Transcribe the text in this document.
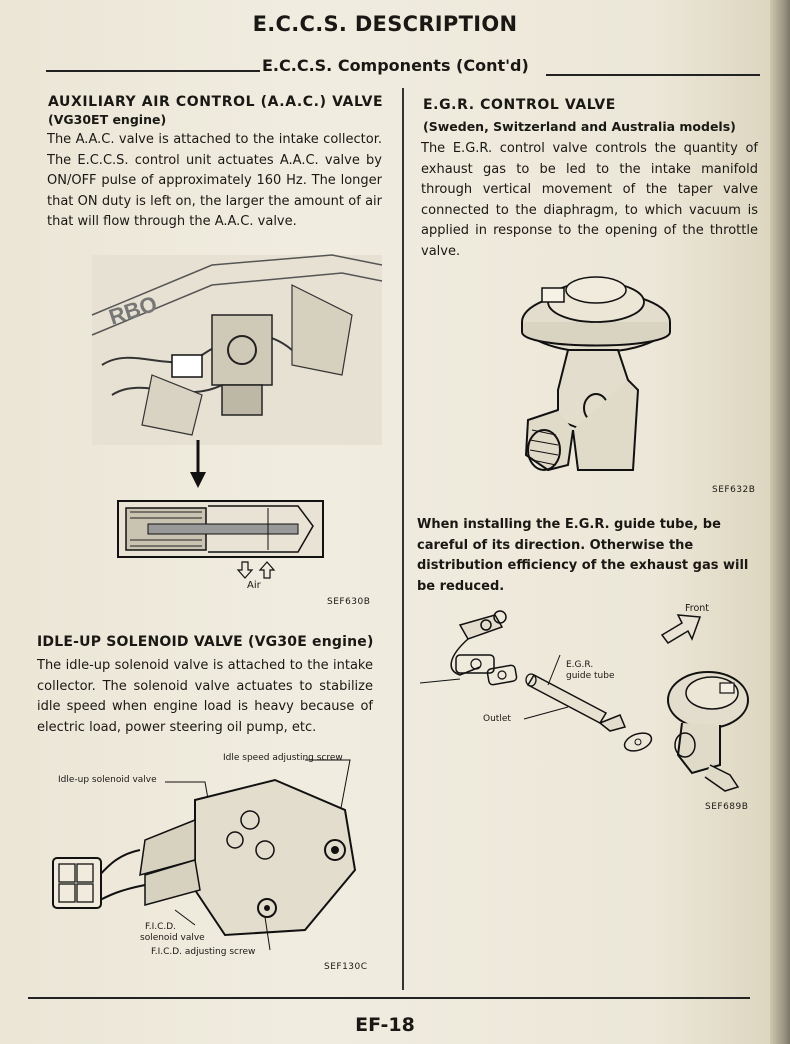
E.C.C.S. DESCRIPTION
E.C.C.S. Components (Cont'd)
AUXILIARY AIR CONTROL (A.A.C.) VALVE
(VG30ET engine)

The A.A.C. valve is attached to the intake collector. The E.C.C.S. control unit actuates A.A.C. valve by ON/OFF pulse of approximately 160 Hz. The longer that ON duty is left on, the larger the amount of air that will flow through the A.A.C. valve.

RBO
Air
SEF630B
IDLE-UP SOLENOID VALVE (VG30E engine)

The idle-up solenoid valve is attached to the intake collector. The solenoid valve actuates to stabilize idle speed when engine load is heavy because of electric load, power steering oil pump, etc.

Idle speed adjusting screw
Idle-up solenoid valve
F.I.C.D.
solenoid valve
F.I.C.D. adjusting screw
SEF130C
E.G.R. CONTROL VALVE
(Sweden, Switzerland and Australia models)

The E.G.R. control valve controls the quantity of exhaust gas to be led to the intake manifold through vertical movement of the taper valve connected to the diaphragm, to which vacuum is applied in response to the opening of the throttle valve.

SEF632B

When installing the E.G.R. guide tube, be careful of its direction. Otherwise the distribution efficiency of the exhaust gas will be reduced.

Front
E.G.R.
guide tube
Outlet
SEF689B
EF-18
